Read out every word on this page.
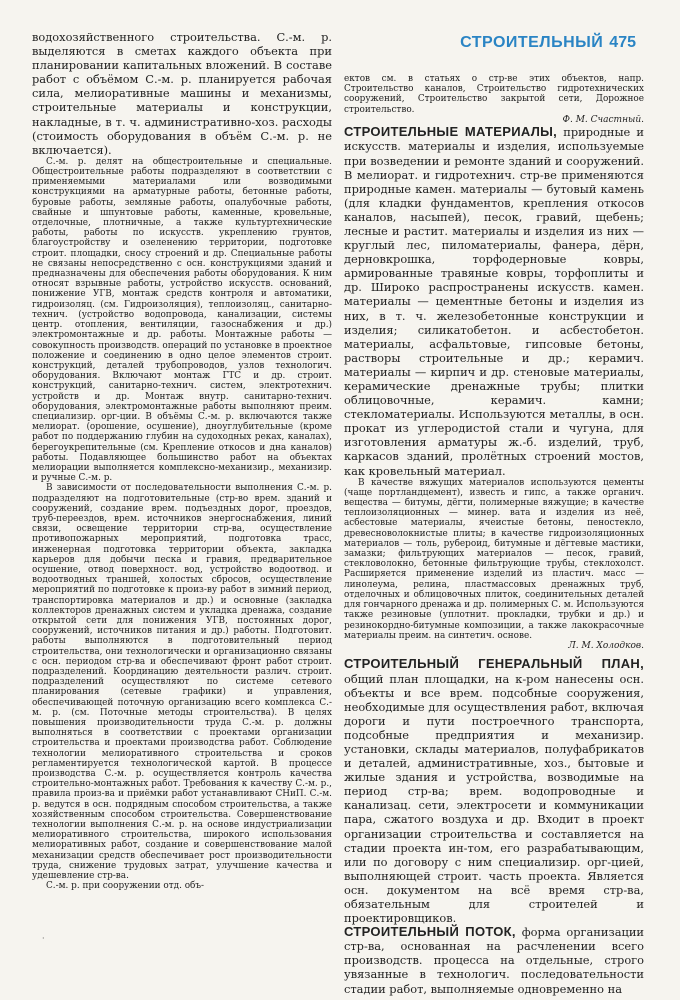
СТРОИТЕЛЬНЫЙ 475

водохозяйственного строительства. С.-м. р. выделяются в сметах каждого объекта при планировании капитальных вложений. В составе работ с объёмом С.-м. р. планируется рабочая сила, мелиоративные машины и механизмы, строительные материалы и конструкции, накладные, в т. ч. административно-хоз. расходы (стоимость оборудования в объём С.-м. р. не включается).

С.-м. р. делят на общестроительные и специальные. Общестроительные работы подразделяют в соответствии с применяемыми материалами или возводимыми конструкциями на арматурные работы, бетонные работы, буровые работы, земляные работы, опалубочные работы, свайные и шпунтовые работы, каменные, кровельные, отделочные, плотничные, а также культуртехнические работы, работы по искусств. укреплению грунтов, благоустройству и озеленению территории, подготовке строит. площадки, сносу строений и др. Специальные работы не связаны непосредственно с осн. конструкциями зданий и предназначены для обеспечения работы оборудования. К ним относят взрывные работы, устройство искусств. оснований, понижение УГВ, монтаж средств контроля и автоматики, гидроизоляц. (см. Гидроизоляция), теплоизоляц., санитарно-технич. (устройство водопровода, канализации, системы центр. отопления, вентиляции, газоснабжения и др.) электромонтажные и др. работы. Монтажные работы — совокупность производств. операций по установке в проектное положение и соединению в одно целое элементов строит. конструкций, деталей трубопроводов, узлов технологич. оборудования. Включают монтаж ГТС и др. строит. конструкций, санитарно-технич. систем, электротехнич. устройств и др. Монтаж внутр. санитарно-технич. оборудования, электромонтажные работы выполняют преим. специализир. орг-ции. В объёмы С.-м. р. включаются также мелиорат. (орошение, осушение), дноуглубительные (кроме работ по поддержанию глубин на судоходных реках, каналах), берегоукрепительные (см. Крепление откосов и дна каналов) работы. Подавляющее большинство работ на объектах мелиорации выполняется комплексно-механизир., механизир. и ручные С.-м. р.

В зависимости от последовательности выполнения С.-м. р. подразделяют на подготовительные (стр-во врем. зданий и сооружений, создание врем. подъездных дорог, проездов, труб-переездов, врем. источников энергоснабжения, линий связи, освещение территории стр-ва, осуществление противопожарных мероприятий, подготовка трасс, инженерная подготовка территории объекта, закладка карьеров для добычи песка и гравия, предварительное осушение, отвод поверхност. вод, устройство водоотвод. и водоотводных траншей, холостых сбросов, осуществление мероприятий по подготовке к произ-ву работ в зимний период, транспортировка материалов и др.) и основные (закладка коллекторов дренажных систем и укладка дренажа, создание открытой сети для понижения УГВ, постоянных дорог, сооружений, источников питания и др.) работы. Подготовит. работы выполняются в подготовительный период строительства, они технологически и организационно связаны с осн. периодом стр-ва и обеспечивают фронт работ строит. подразделений. Координацию деятельности различ. строит. подразделений осуществляют по системе сетевого планирования (сетевые графики) и управления, обеспечивающей поточную организацию всего комплекса С.-м. р. (см. Поточные методы строительства). В целях повышения производительности труда С.-м. р. должны выполняться в соответствии с проектами организации строительства и проектами производства работ. Соблюдение технологии мелиоративного строительства и сроков регламентируется технологической картой. В процессе производства С.-м. р. осуществляется контроль качества строительно-монтажных работ. Требования к качеству С.-м. р., правила произ-ва и приёмки работ устанавливают СНиП. С.-м. р. ведутся в осн. подрядным способом строительства, а также хозяйственным способом строительства. Совершенствование технологии выполнения С.-м. р. на основе индустриализации мелиоративного строительства, широкого использования мелиоративных работ, создание и совершенствование малой механизации средств обеспечивает рост производительности труда, снижение трудовых затрат, улучшение качества и удешевление стр-ва.

С.-м. р. при сооружении отд. объ-

ектов см. в статьях о стр-ве этих объектов, напр. Строительство каналов, Строительство гидротехнических сооружений, Строительство закрытой сети, Дорожное строительство.

Ф. М. Счастный.

СТРОИТЕЛЬНЫЕ МАТЕРИАЛЫ, природные и искусств. материалы и изделия, используемые при возведении и ремонте зданий и сооружений. В мелиорат. и гидротехнич. стр-ве применяются природные камен. материалы — бутовый камень (для кладки фундаментов, крепления откосов каналов, насыпей), песок, гравий, щебень; лесные и растит. материалы и изделия из них — круглый лес, пиломатериалы, фанера, дёрн, дерновкрошка, торфодерновые ковры, армированные травяные ковры, торфоплиты и др. Широко распространены искусств. камен. материалы — цементные бетоны и изделия из них, в т. ч. железобетонные конструкции и изделия; силикатобетон. и асбестобетон. материалы, асфальтовые, гипсовые бетоны, растворы строительные и др.; керамич. материалы — кирпич и др. стеновые материалы, керамические дренажные трубы; плитки облицовочные, керамич. камни; стекломатериалы. Используются металлы, в осн. прокат из углеродистой стали и чугуна, для изготовления арматуры ж.-б. изделий, труб, каркасов зданий, пролётных строений мостов, как кровельный материал.

В качестве вяжущих материалов используются цементы (чаще портландцемент), известь и гипс, а также органич. вещества — битумы, дёгти, полимерные вяжущие; в качестве теплоизоляционных — минер. вата и изделия из неё, асбестовые материалы, ячеистые бетоны, пеностекло, древесноволокнистые плиты; в качестве гидроизоляционных материалов — толь, рубероид, битумные и дёгтевые мастики, замазки; фильтрующих материалов — песок, гравий, стекловолокно, бетонные фильтрующие трубы, стеклохолст. Расширяется применение изделий из пластич. масс — линолеума, релина, пластмассовых дренажных труб, отделочных и облицовочных плиток, соединительных деталей для гончарного дренажа и др. полимерных С. м. Используются также резиновые (уплотнит. прокладки, трубки и др.) и резинокордно-битумные композиции, а также лакокрасочные материалы преим. на синтетич. основе.

Л. М. Холодков.

СТРОИТЕЛЬНЫЙ ГЕНЕРАЛЬНЫЙ ПЛАН, общий план площадки, на к-ром нанесены осн. объекты и все врем. подсобные сооружения, необходимые для осуществления работ, включая дороги и пути построечного транспорта, подсобные предприятия и механизир. установки, склады материалов, полуфабрикатов и деталей, административные, хоз., бытовые и жилые здания и устройства, возводимые на период стр-ва; врем. водопроводные и канализац. сети, электросети и коммуникации пара, сжатого воздуха и др. Входит в проект организации строительства и составляется на стадии проекта ин-том, его разрабатывающим, или по договору с ним специализир. орг-цией, выполняющей строит. часть проекта. Является осн. документом на всё время стр-ва, обязательным для строителей и проектировщиков.

СТРОИТЕЛЬНЫЙ ПОТОК, форма организации стр-ва, основанная на расчленении всего производств. процесса на отдельные, строго увязанные в технологич. последовательности стадии работ, выполняемые одновременно на

·
